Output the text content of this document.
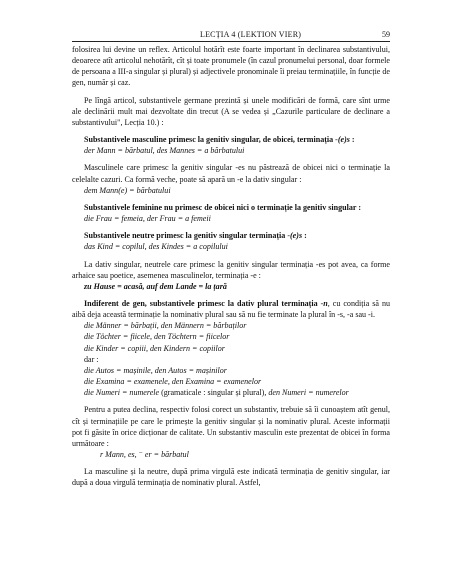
LECȚIA 4 (LEKTION VIER)	59

folosirea lui devine un reflex. Articolul hotărît este foarte important în declinarea substantivului, deoarece atît articolul nehotărît, cît și toate pronumele (în cazul pronumelui personal, doar formele de persoana a III-a singular și plural) și adjectivele pronominale îi preiau terminațiile, în funcție de gen, număr și caz.

Pe lîngă articol, substantivele germane prezintă și unele modificări de formă, care sînt urme ale declinării mult mai dezvoltate din trecut (A se vedea și „Cazurile particulare de declinare a substantivului", Lecția 10.) :

Substantivele masculine primesc la genitiv singular, de obicei, terminația -(e)s :

der Mann = bărbatul, des Mannes = a bărbatului

Masculinele care primesc la genitiv singular -es nu păstrează de obicei nici o terminație la celelalte cazuri. Ca formă veche, poate să apară un -e la dativ singular :

dem Mann(e) = bărbatului

Substantivele feminine nu primesc de obicei nici o terminație la genitiv singular :

die Frau = femeia, der Frau = a femeii

Substantivele neutre primesc la genitiv singular terminația -(e)s :

das Kind = copilul, des Kindes = a copilului

La dativ singular, neutrele care primesc la genitiv singular terminația -es pot avea, ca forme arhaice sau poetice, asemenea masculinelor, terminația -e :

zu Hause = acasă, auf dem Lande = la țară

Indiferent de gen, substantivele primesc la dativ plural terminația -n, cu condiția să nu aibă deja această terminație la nominativ plural sau să nu fie terminate la plural în -s, -a sau -i.

die Männer = bărbații, den Männern = bărbaților
die Töchter = fiicele, den Töchtern = fiicelor
die Kinder = copiii, den Kindern = copiilor
dar :
die Autos = mașinile, den Autos = mașinilor
die Examina = examenele, den Examina = examenelor
die Numeri = numerele (gramaticale : singular și plural), den Numeri = numerelor

Pentru a putea declina, respectiv folosi corect un substantiv, trebuie să îi cunoaștem atît genul, cît și terminațiile pe care le primește la genitiv singular și la nominativ plural. Aceste informații pot fi găsite în orice dicționar de calitate. Un substantiv masculin este prezentat de obicei în forma următoare :

r Mann, es, ⁻ er = bărbatul

La masculine și la neutre, după prima virgulă este indicată terminația de genitiv singular, iar după a doua virgulă terminația de nominativ plural. Astfel,
